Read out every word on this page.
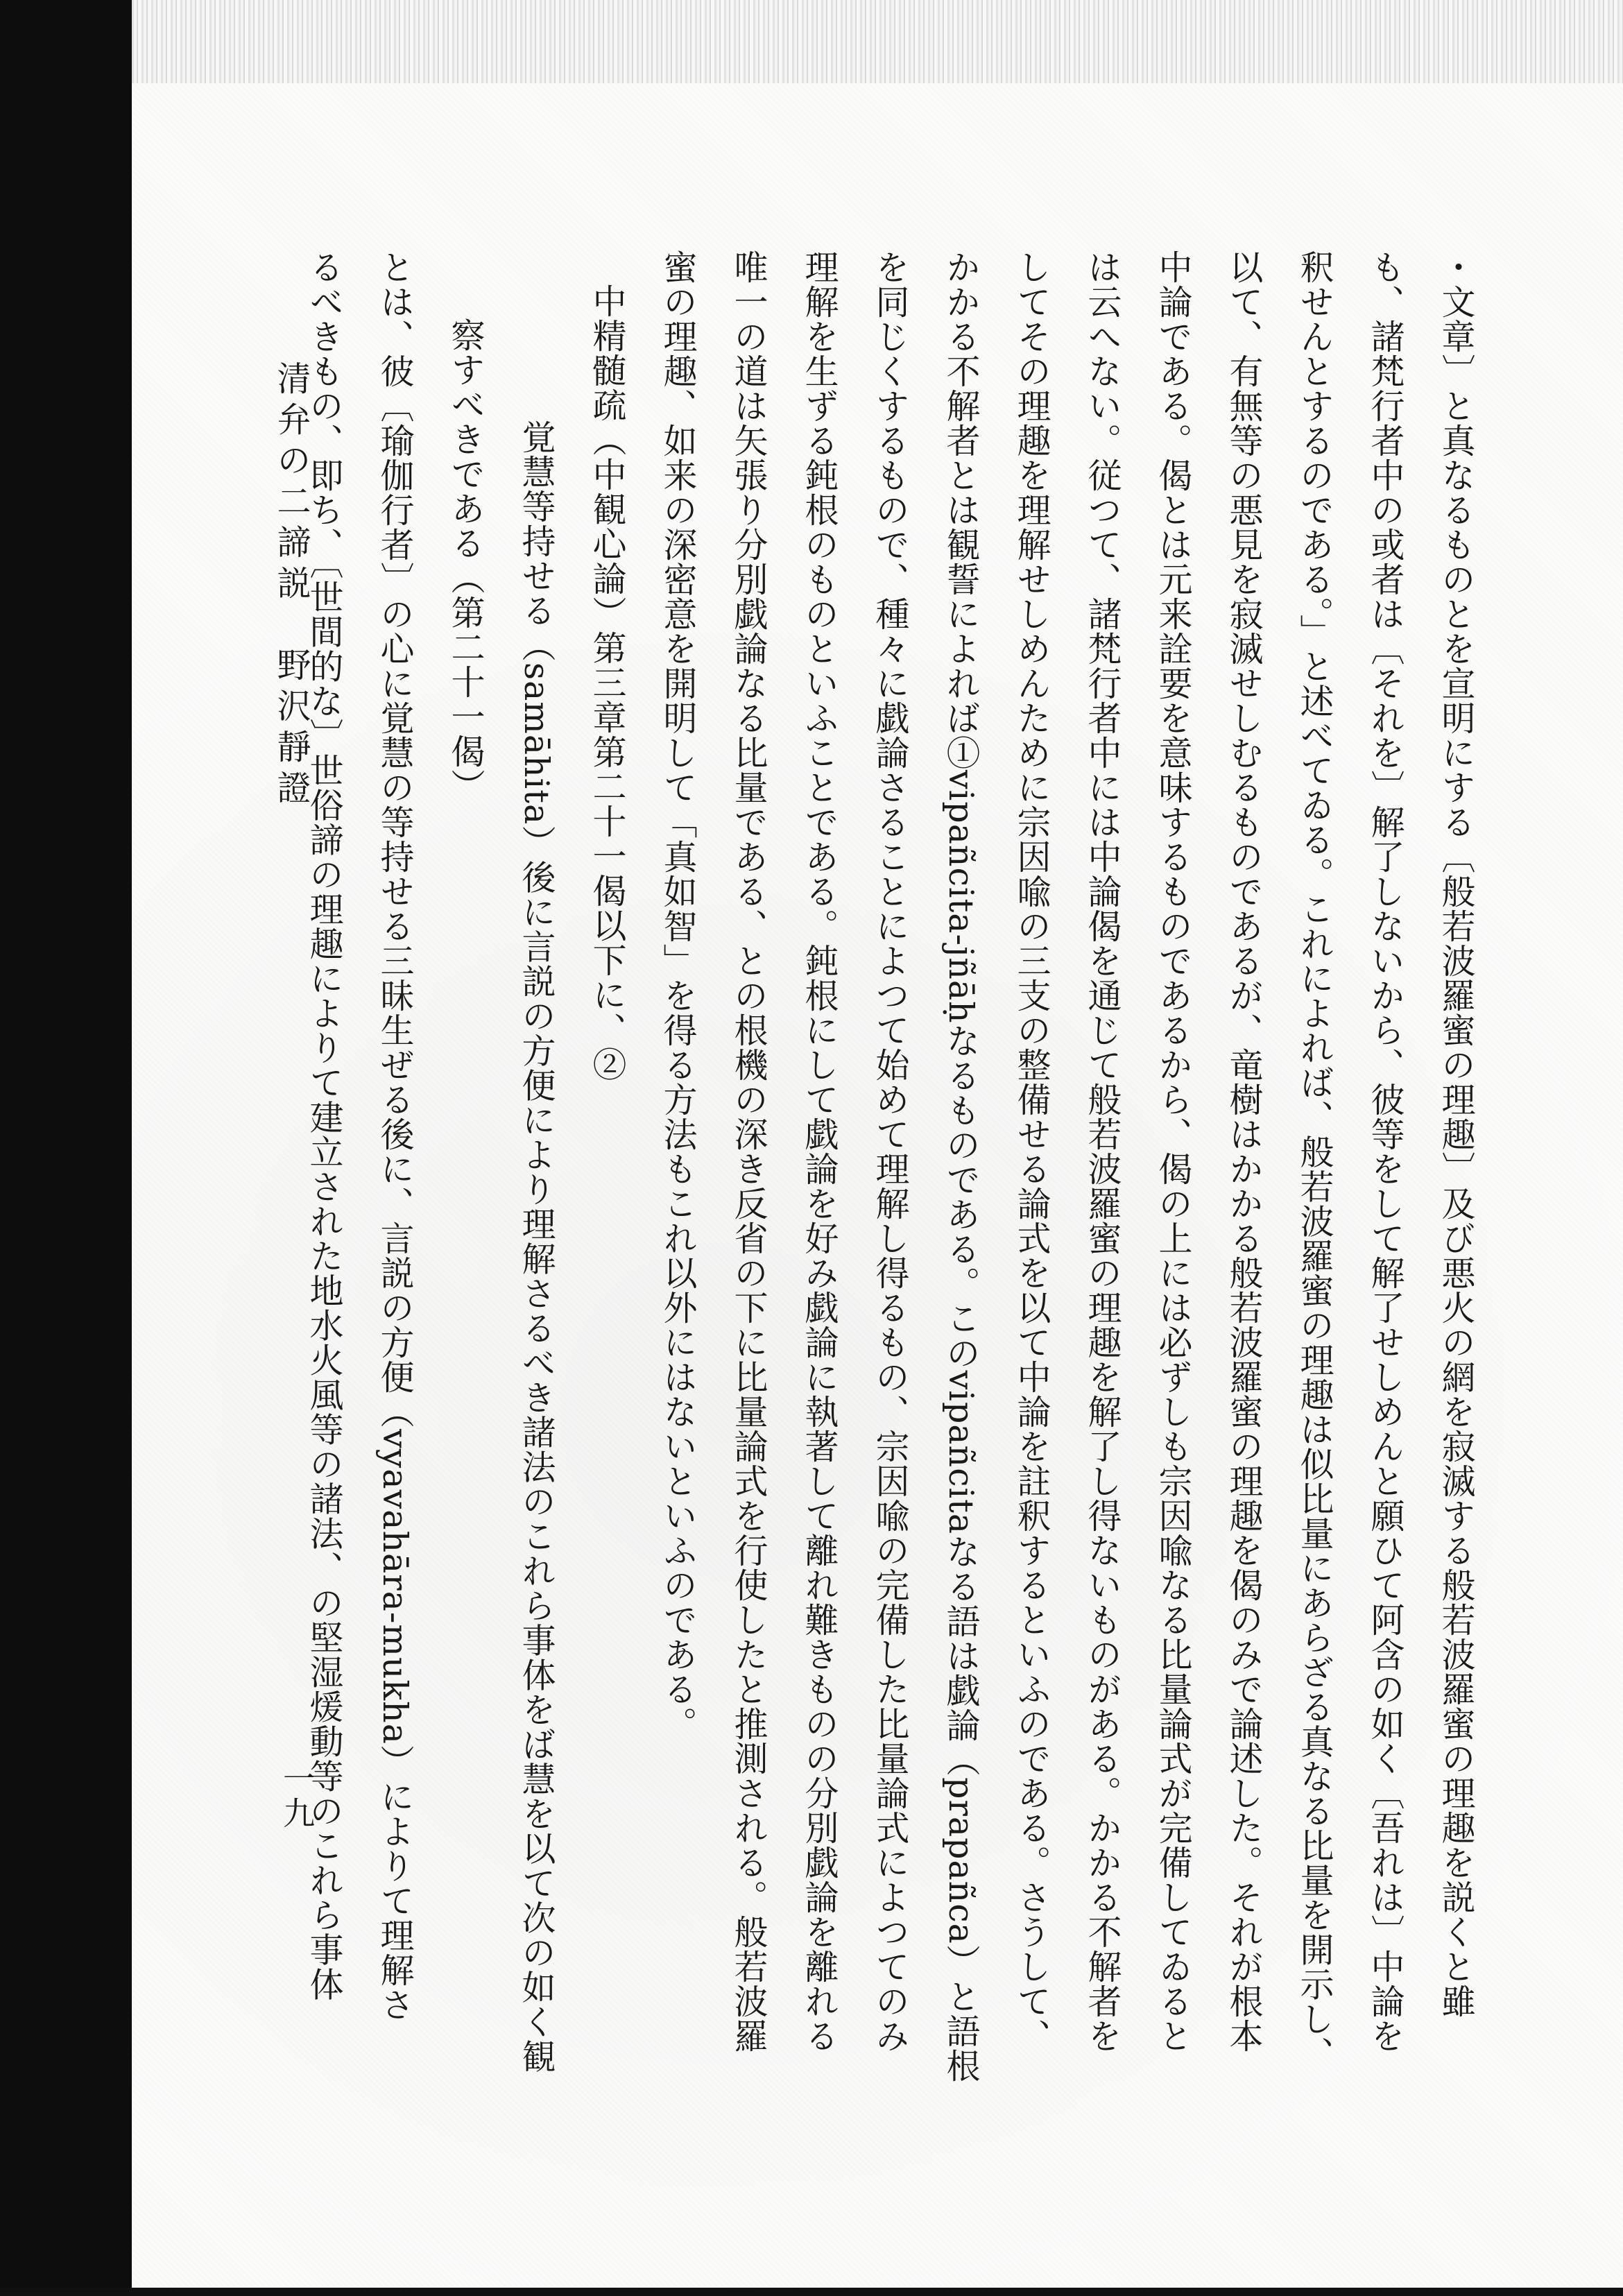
・文章〕と真なるものとを宣明にする〔般若波羅蜜の理趣〕及び悪火の網を寂滅する般若波羅蜜の理趣を説くと雖
も、諸梵行者中の或者は〔それを〕解了しないから、彼等をして解了せしめんと願ひて阿含の如く〔吾れは〕中論を
釈せんとするのである。」と述べてゐる。これによれば、般若波羅蜜の理趣は似比量にあらざる真なる比量を開示し、
以て、有無等の悪見を寂滅せしむるものであるが、竜樹はかかる般若波羅蜜の理趣を偈のみで論述した。それが根本
中論である。偈とは元来詮要を意味するものであるから、偈の上には必ずしも宗因喩なる比量論式が完備してゐると
は云へない。従つて、諸梵行者中には中論偈を通じて般若波羅蜜の理趣を解了し得ないものがある。かかる不解者を
してその理趣を理解せしめんために宗因喩の三支の整備せる論式を以て中論を註釈するといふのである。さうして、
かかる不解者とは観誓によれば①vipañcita-jñāḥなるものである。このvipañcitaなる語は戯論（prapañca）と語根
を同じくするもので、種々に戯論さることによつて始めて理解し得るもの、宗因喩の完備した比量論式によつてのみ
理解を生ずる鈍根のものといふことである。鈍根にして戯論を好み戯論に執著して離れ難きものの分別戯論を離れる
唯一の道は矢張り分別戯論なる比量である、との根機の深き反省の下に比量論式を行使したと推測される。般若波羅
蜜の理趣、如来の深密意を開明して「真如智」を得る方法もこれ以外にはないといふのである。
中精髄疏（中観心論）第三章第二十一偈以下に、②
覚慧等持せる（samāhita）後に言説の方便により理解さるべき諸法のこれら事体をば慧を以て次の如く観
察すべきである（第二十一偈）
とは、彼〔瑜伽行者〕の心に覚慧の等持せる三昧生ぜる後に、言説の方便（vyavahāra-mukha）によりて理解さ
るべきもの、即ち、〔世間的な〕世俗諦の理趣によりて建立された地水火風等の諸法、の堅湿煖動等のこれら事体
清弁の二諦説　野沢靜證
一九
